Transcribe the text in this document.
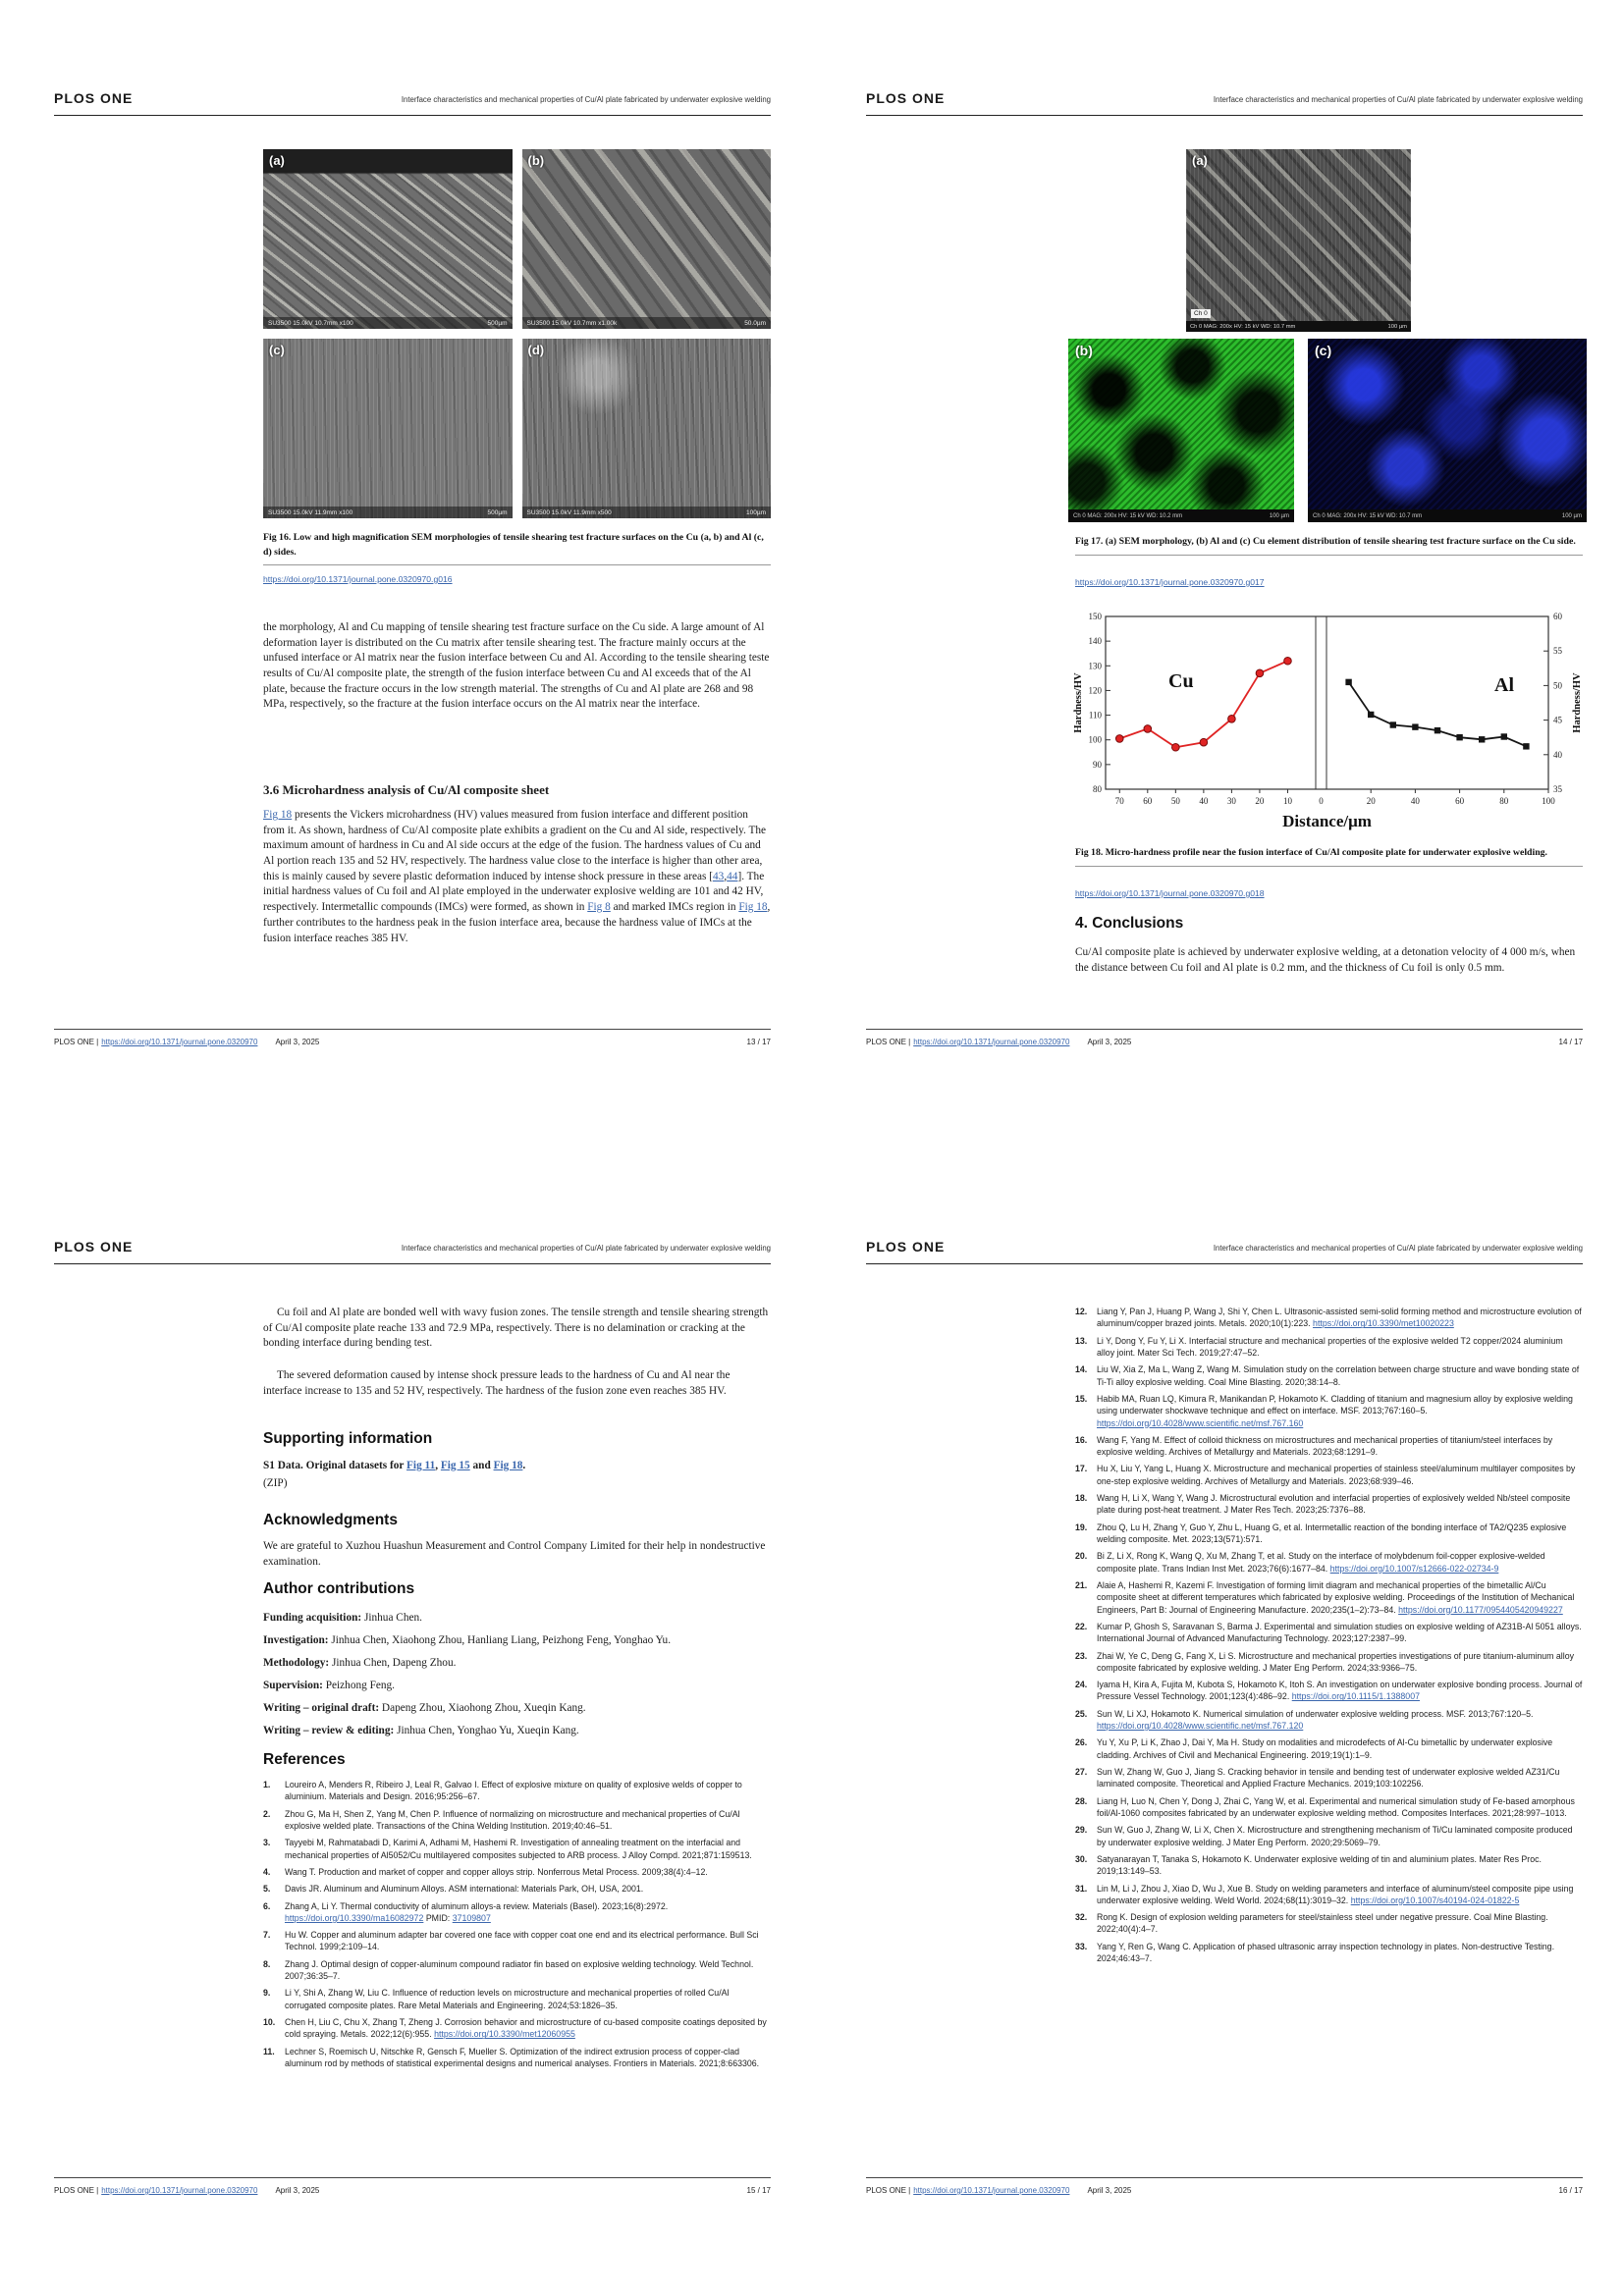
PLOS ONE	Interface characteristics and mechanical properties of Cu/Al plate fabricated by underwater explosive welding
(a)
SU3500 15.0kV 10.7mm x100	500µm
(b)
SU3500 15.0kV 10.7mm x1.00k	50.0µm
(c)
SU3500 15.0kV 11.9mm x100	500µm
(d)
SU3500 15.0kV 11.9mm x500	100µm
Fig 16. Low and high magnification SEM morphologies of tensile shearing test fracture surfaces on the Cu (a, b) and Al (c, d) sides.
https://doi.org/10.1371/journal.pone.0320970.g016
the morphology, Al and Cu mapping of tensile shearing test fracture surface on the Cu side. A large amount of Al deformation layer is distributed on the Cu matrix after tensile shearing test. The fracture mainly occurs at the unfused interface or Al matrix near the fusion interface between Cu and Al. According to the tensile shearing teste results of Cu/Al composite plate, the strength of the fusion interface between Cu and Al exceeds that of the Al plate, because the fracture occurs in the low strength material. The strengths of Cu and Al plate are 268 and 98 MPa, respectively, so the fracture at the fusion interface occurs on the Al matrix near the interface.
3.6 Microhardness analysis of Cu/Al composite sheet
Fig 18 presents the Vickers microhardness (HV) values measured from fusion interface and different position from it. As shown, hardness of Cu/Al composite plate exhibits a gradient on the Cu and Al side, respectively. The maximum amount of hardness in Cu and Al side occurs at the edge of the fusion. The hardness values of Cu and Al portion reach 135 and 52 HV, respectively. The hardness value close to the interface is higher than other area, this is mainly caused by severe plastic deformation induced by intense shock pressure in these areas [43,44]. The initial hardness values of Cu foil and Al plate employed in the underwater explosive welding are 101 and 42 HV, respectively. Intermetallic compounds (IMCs) were formed, as shown in Fig 8 and marked IMCs region in Fig 18, further contributes to the hardness peak in the fusion interface area, because the hardness value of IMCs at the fusion interface reaches 385 HV.
PLOS ONE | https://doi.org/10.1371/journal.pone.0320970 April 3, 2025	13 / 17
PLOS ONE	Interface characteristics and mechanical properties of Cu/Al plate fabricated by underwater explosive welding
(a)
Ch 0
Ch 0 MAG: 200x HV: 15 kV WD: 10.7 mm	100 µm
(b)
Ch 0 MAG: 200x HV: 15 kV WD: 10.2 mm	100 µm
(c)
Ch 0 MAG: 200x HV: 15 kV WD: 10.7 mm	100 µm
Fig 17. (a) SEM morphology, (b) Al and (c) Cu element distribution of tensile shearing test fracture surface on the Cu side.
https://doi.org/10.1371/journal.pone.0320970.g017
80
90
100
110
120
130
140
150
35
40
45
50
55
60
70 60 50 40 30 20 10	0	20	40	60	80	100
Distance/μm
Hardness/HV	Hardness/HV
Cu	Al
Fig 18. Micro-hardness profile near the fusion interface of Cu/Al composite plate for underwater explosive welding.
https://doi.org/10.1371/journal.pone.0320970.g018
4. Conclusions
Cu/Al composite plate is achieved by underwater explosive welding, at a detonation velocity of 4 000 m/s, when the distance between Cu foil and Al plate is 0.2 mm, and the thickness of Cu foil is only 0.5 mm.
PLOS ONE | https://doi.org/10.1371/journal.pone.0320970 April 3, 2025	14 / 17
PLOS ONE	Interface characteristics and mechanical properties of Cu/Al plate fabricated by underwater explosive welding
Cu foil and Al plate are bonded well with wavy fusion zones. The tensile strength and tensile shearing strength of Cu/Al composite plate reache 133 and 72.9 MPa, respectively. There is no delamination or cracking at the bonding interface during bending test.
The severed deformation caused by intense shock pressure leads to the hardness of Cu and Al near the interface increase to 135 and 52 HV, respectively. The hardness of the fusion zone even reaches 385 HV.
Supporting information
S1 Data. Original datasets for Fig 11, Fig 15 and Fig 18.
(ZIP)
Acknowledgments
We are grateful to Xuzhou Huashun Measurement and Control Company Limited for their help in nondestructive examination.
Author contributions
Funding acquisition: Jinhua Chen.
Investigation: Jinhua Chen, Xiaohong Zhou, Hanliang Liang, Peizhong Feng, Yonghao Yu.
Methodology: Jinhua Chen, Dapeng Zhou.
Supervision: Peizhong Feng.
Writing – original draft: Dapeng Zhou, Xiaohong Zhou, Xueqin Kang.
Writing – review & editing: Jinhua Chen, Yonghao Yu, Xueqin Kang.
References
1.	Loureiro A, Menders R, Ribeiro J, Leal R, Galvao I. Effect of explosive mixture on quality of explosive welds of copper to aluminium. Materials and Design. 2016;95:256–67.
2.	Zhou G, Ma H, Shen Z, Yang M, Chen P. Influence of normalizing on microstructure and mechanical properties of Cu/Al explosive welded plate. Transactions of the China Welding Institution. 2019;40:46–51.
3.	Tayyebi M, Rahmatabadi D, Karimi A, Adhami M, Hashemi R. Investigation of annealing treatment on the interfacial and mechanical properties of Al5052/Cu multilayered composites subjected to ARB process. J Alloy Compd. 2021;871:159513.
4.	Wang T. Production and market of copper and copper alloys strip. Nonferrous Metal Process. 2009;38(4):4–12.
5.	Davis JR. Aluminum and Aluminum Alloys. ASM international: Materials Park, OH, USA, 2001.
6.	Zhang A, Li Y. Thermal conductivity of aluminum alloys-a review. Materials (Basel). 2023;16(8):2972. https://doi.org/10.3390/ma16082972 PMID: 37109807
7.	Hu W. Copper and aluminum adapter bar covered one face with copper coat one end and its electrical performance. Bull Sci Technol. 1999;2:109–14.
8.	Zhang J. Optimal design of copper-aluminum compound radiator fin based on explosive welding technology. Weld Technol. 2007;36:35–7.
9.	Li Y, Shi A, Zhang W, Liu C. Influence of reduction levels on microstructure and mechanical properties of rolled Cu/Al corrugated composite plates. Rare Metal Materials and Engineering. 2024;53:1826–35.
10.	Chen H, Liu C, Chu X, Zhang T, Zheng J. Corrosion behavior and microstructure of cu-based composite coatings deposited by cold spraying. Metals. 2022;12(6):955. https://doi.org/10.3390/met12060955
11.	Lechner S, Roemisch U, Nitschke R, Gensch F, Mueller S. Optimization of the indirect extrusion process of copper-clad aluminum rod by methods of statistical experimental designs and numerical analyses. Frontiers in Materials. 2021;8:663306.
PLOS ONE | https://doi.org/10.1371/journal.pone.0320970 April 3, 2025	15 / 17
PLOS ONE	Interface characteristics and mechanical properties of Cu/Al plate fabricated by underwater explosive welding
12.	Liang Y, Pan J, Huang P, Wang J, Shi Y, Chen L. Ultrasonic-assisted semi-solid forming method and microstructure evolution of aluminum/copper brazed joints. Metals. 2020;10(1):223. https://doi.org/10.3390/met10020223
13.	Li Y, Dong Y, Fu Y, Li X. Interfacial structure and mechanical properties of the explosive welded T2 copper/2024 aluminium alloy joint. Mater Sci Tech. 2019;27:47–52.
14.	Liu W, Xia Z, Ma L, Wang Z, Wang M. Simulation study on the correlation between charge structure and wave bonding state of Ti-Ti alloy explosive welding. Coal Mine Blasting. 2020;38:14–8.
15.	Habib MA, Ruan LQ, Kimura R, Manikandan P, Hokamoto K. Cladding of titanium and magnesium alloy by explosive welding using underwater shockwave technique and effect on interface. MSF. 2013;767:160–5. https://doi.org/10.4028/www.scientific.net/msf.767.160
16.	Wang F, Yang M. Effect of colloid thickness on microstructures and mechanical properties of titanium/steel interfaces by explosive welding. Archives of Metallurgy and Materials. 2023;68:1291–9.
17.	Hu X, Liu Y, Yang L, Huang X. Microstructure and mechanical properties of stainless steel/aluminum multilayer composites by one-step explosive welding. Archives of Metallurgy and Materials. 2023;68:939–46.
18.	Wang H, Li X, Wang Y, Wang J. Microstructural evolution and interfacial properties of explosively welded Nb/steel composite plate during post-heat treatment. J Mater Res Tech. 2023;25:7376–88.
19.	Zhou Q, Lu H, Zhang Y, Guo Y, Zhu L, Huang G, et al. Intermetallic reaction of the bonding interface of TA2/Q235 explosive welding composite. Met. 2023;13(571):571.
20.	Bi Z, Li X, Rong K, Wang Q, Xu M, Zhang T, et al. Study on the interface of molybdenum foil-copper explosive-welded composite plate. Trans Indian Inst Met. 2023;76(6):1677–84. https://doi.org/10.1007/s12666-022-02734-9
21.	Alaie A, Hashemi R, Kazemi F. Investigation of forming limit diagram and mechanical properties of the bimetallic Al/Cu composite sheet at different temperatures which fabricated by explosive welding. Proceedings of the Institution of Mechanical Engineers, Part B: Journal of Engineering Manufacture. 2020;235(1–2):73–84. https://doi.org/10.1177/0954405420949227
22.	Kumar P, Ghosh S, Saravanan S, Barma J. Experimental and simulation studies on explosive welding of AZ31B-Al 5051 alloys. International Journal of Advanced Manufacturing Technology. 2023;127:2387–99.
23.	Zhai W, Ye C, Deng G, Fang X, Li S. Microstructure and mechanical properties investigations of pure titanium-aluminum alloy composite fabricated by explosive welding. J Mater Eng Perform. 2024;33:9366–75.
24.	Iyama H, Kira A, Fujita M, Kubota S, Hokamoto K, Itoh S. An investigation on underwater explosive bonding process. Journal of Pressure Vessel Technology. 2001;123(4):486–92. https://doi.org/10.1115/1.1388007
25.	Sun W, Li XJ, Hokamoto K. Numerical simulation of underwater explosive welding process. MSF. 2013;767:120–5. https://doi.org/10.4028/www.scientific.net/msf.767.120
26.	Yu Y, Xu P, Li K, Zhao J, Dai Y, Ma H. Study on modalities and microdefects of Al-Cu bimetallic by underwater explosive cladding. Archives of Civil and Mechanical Engineering. 2019;19(1):1–9.
27.	Sun W, Zhang W, Guo J, Jiang S. Cracking behavior in tensile and bending test of underwater explosive welded AZ31/Cu laminated composite. Theoretical and Applied Fracture Mechanics. 2019;103:102256.
28.	Liang H, Luo N, Chen Y, Dong J, Zhai C, Yang W, et al. Experimental and numerical simulation study of Fe-based amorphous foil/Al-1060 composites fabricated by an underwater explosive welding method. Composites Interfaces. 2021;28:997–1013.
29.	Sun W, Guo J, Zhang W, Li X, Chen X. Microstructure and strengthening mechanism of Ti/Cu laminated composite produced by underwater explosive welding. J Mater Eng Perform. 2020;29:5069–79.
30.	Satyanarayan T, Tanaka S, Hokamoto K. Underwater explosive welding of tin and aluminium plates. Mater Res Proc. 2019;13:149–53.
31.	Lin M, Li J, Zhou J, Xiao D, Wu J, Xue B. Study on welding parameters and interface of aluminum/steel composite pipe using underwater explosive welding. Weld World. 2024;68(11):3019–32. https://doi.org/10.1007/s40194-024-01822-5
32.	Rong K. Design of explosion welding parameters for steel/stainless steel under negative pressure. Coal Mine Blasting. 2022;40(4):4–7.
33.	Yang Y, Ren G, Wang C. Application of phased ultrasonic array inspection technology in plates. Non-destructive Testing. 2024;46:43–7.
PLOS ONE | https://doi.org/10.1371/journal.pone.0320970 April 3, 2025	16 / 17
